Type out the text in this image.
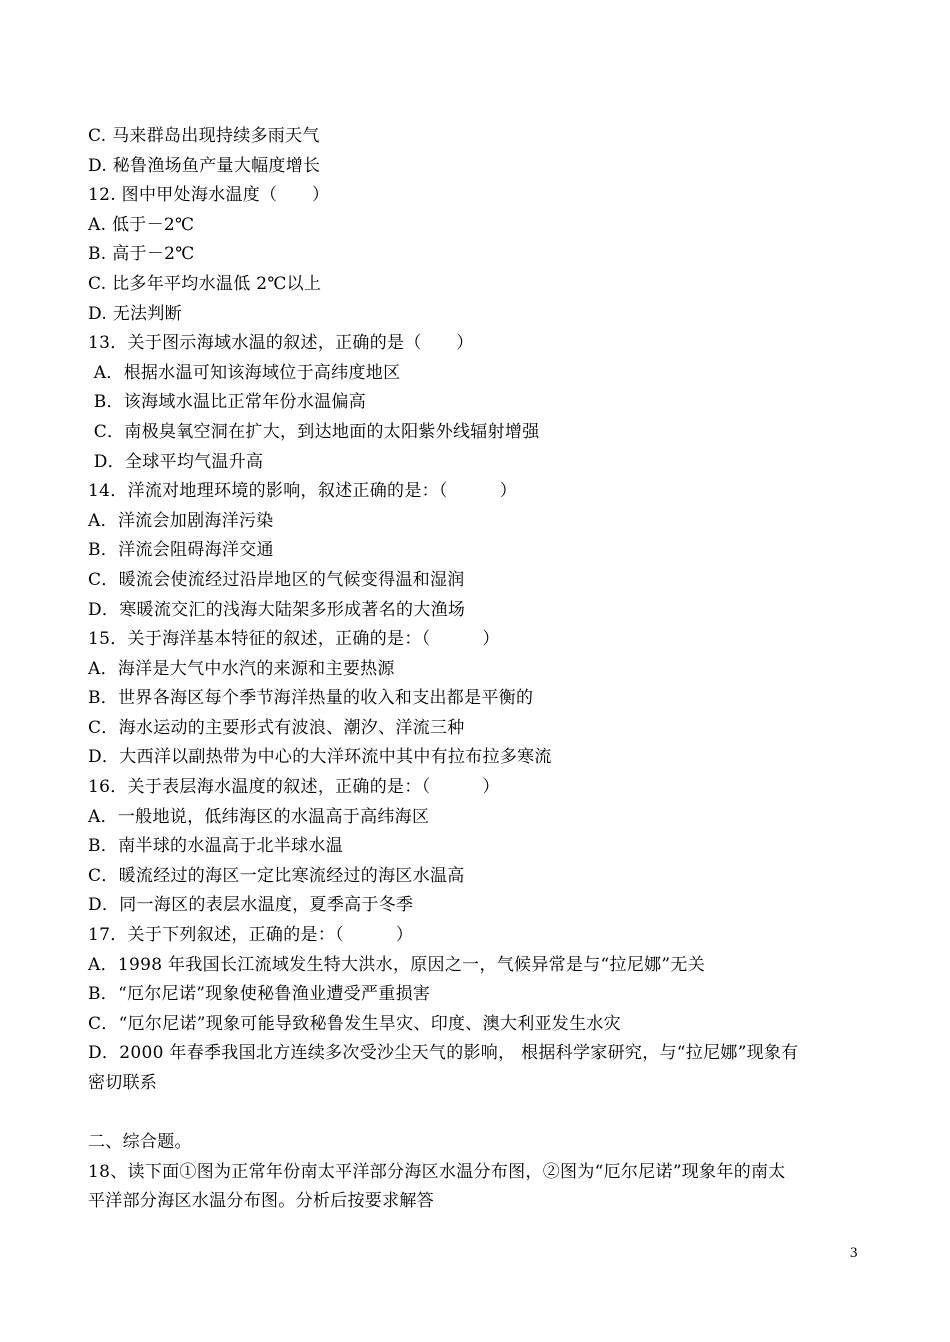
C. 马来群岛出现持续多雨天气
D. 秘鲁渔场鱼产量大幅度增长
12. 图中甲处海水温度（　　）
A. 低于－2℃
B. 高于－2℃
C. 比多年平均水温低 2℃以上
D. 无法判断
13．关于图示海域水温的叙述，正确的是（　　）
A．根据水温可知该海域位于高纬度地区
B．该海域水温比正常年份水温偏高
C．南极臭氧空洞在扩大，到达地面的太阳紫外线辐射增强
D．全球平均气温升高
14．洋流对地理环境的影响，叙述正确的是：（　　　）
A．洋流会加剧海洋污染
B．洋流会阻碍海洋交通
C．暖流会使流经过沿岸地区的气候变得温和湿润
D．寒暖流交汇的浅海大陆架多形成著名的大渔场
15．关于海洋基本特征的叙述，正确的是：（　　　）
A．海洋是大气中水汽的来源和主要热源
B．世界各海区每个季节海洋热量的收入和支出都是平衡的
C．海水运动的主要形式有波浪、潮汐、洋流三种
D．大西洋以副热带为中心的大洋环流中其中有拉布拉多寒流
16．关于表层海水温度的叙述，正确的是：（　　　）
A．一般地说，低纬海区的水温高于高纬海区
B．南半球的水温高于北半球水温
C．暖流经过的海区一定比寒流经过的海区水温高
D．同一海区的表层水温度，夏季高于冬季
17．关于下列叙述，正确的是：（　　　）
A．1998 年我国长江流域发生特大洪水，原因之一，气候异常是与“拉尼娜”无关
B．“厄尔尼诺”现象使秘鲁渔业遭受严重损害
C．“厄尔尼诺”现象可能导致秘鲁发生旱灾、印度、澳大利亚发生水灾
D．2000 年春季我国北方连续多次受沙尘天气的影响， 根据科学家研究，与“拉尼娜”现象有
密切联系
二、综合题。
18、读下面①图为正常年份南太平洋部分海区水温分布图，②图为“厄尔尼诺”现象年的南太
平洋部分海区水温分布图。分析后按要求解答
3
